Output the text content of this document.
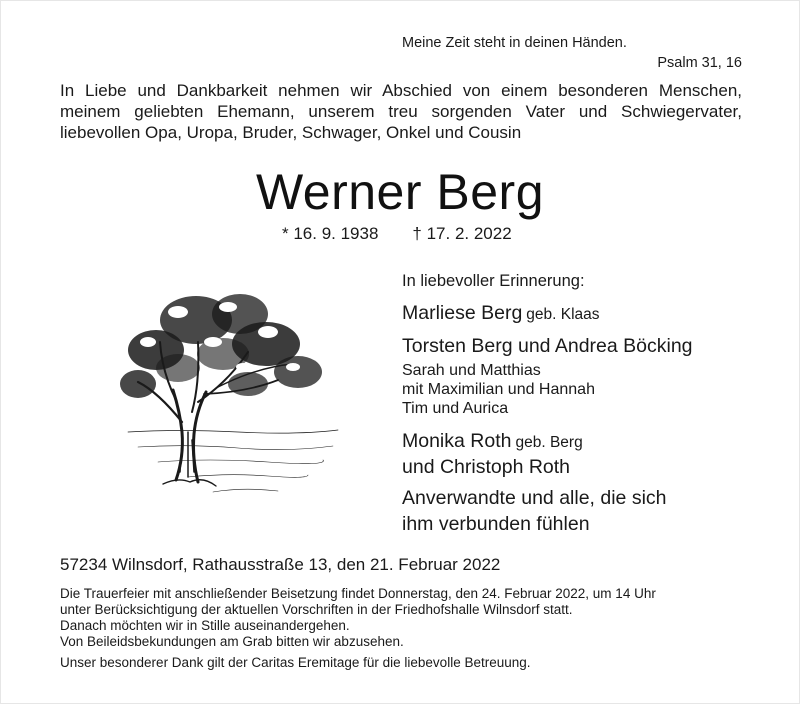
Meine Zeit steht in deinen Händen.
Psalm 31, 16
In Liebe und Dankbarkeit nehmen wir Abschied von einem besonderen Menschen,
meinem geliebten Ehemann, unserem treu sorgenden Vater und Schwiegervater,
liebevollen Opa, Uropa, Bruder, Schwager, Onkel und Cousin
Werner Berg
* 16. 9. 1938 † 17. 2. 2022
In liebevoller Erinnerung:
Marliese Berg geb. Klaas
Torsten Berg und Andrea Böcking
Sarah und Matthias
mit Maximilian und Hannah
Tim und Aurica
Monika Roth geb. Berg
und Christoph Roth
Anverwandte und alle, die sich
ihm verbunden fühlen
57234 Wilnsdorf, Rathausstraße 13, den 21. Februar 2022
Die Trauerfeier mit anschließender Beisetzung findet Donnerstag, den 24. Februar 2022, um 14 Uhr
unter Berücksichtigung der aktuellen Vorschriften in der Friedhofshalle Wilnsdorf statt.
Danach möchten wir in Stille auseinandergehen.
Von Beileidsbekundungen am Grab bitten wir abzusehen.
Unser besonderer Dank gilt der Caritas Eremitage für die liebevolle Betreuung.
